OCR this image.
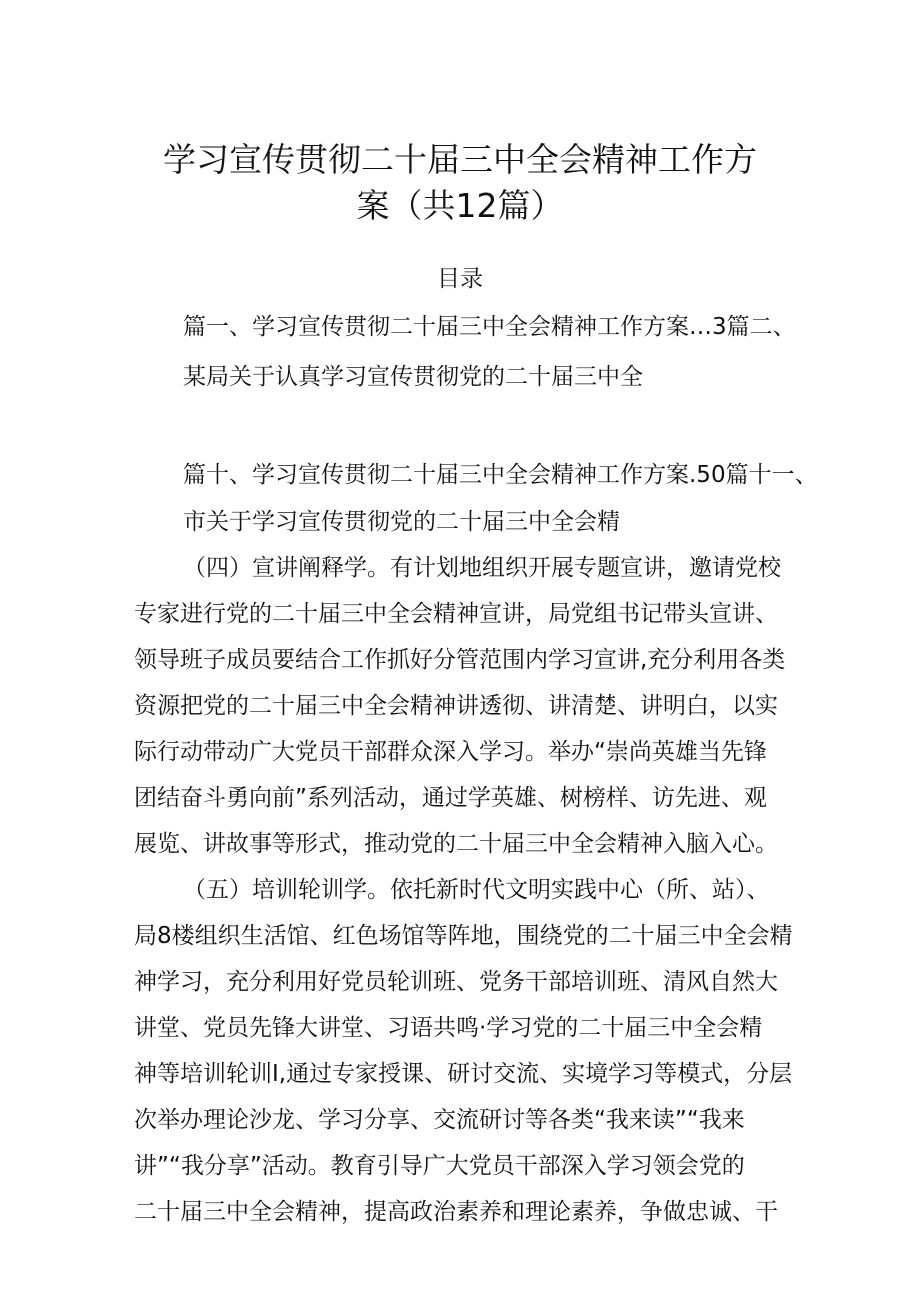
学习宣传贯彻二十届三中全会精神工作方
案（共12篇）
目录
篇一、学习宣传贯彻二十届三中全会精神工作方案…3篇二、
某局关于认真学习宣传贯彻党的二十届三中全
篇十、学习宣传贯彻二十届三中全会精神工作方案.50篇十一、
市关于学习宣传贯彻党的二十届三中全会精
（四）宣讲阐释学。有计划地组织开展专题宣讲，邀请党校
专家进行党的二十届三中全会精神宣讲，局党组书记带头宣讲、
领导班子成员要结合工作抓好分管范围内学习宣讲,充分利用各类
资源把党的二十届三中全会精神讲透彻、讲清楚、讲明白，以实
际行动带动广大党员干部群众深入学习。举办“崇尚英雄当先锋
团结奋斗勇向前”系列活动，通过学英雄、树榜样、访先进、观
展览、讲故事等形式，推动党的二十届三中全会精神入脑入心。
（五）培训轮训学。依托新时代文明实践中心（所、站）、
局8楼组织生活馆、红色场馆等阵地，围绕党的二十届三中全会精
神学习，充分利用好党员轮训班、党务干部培训班、清风自然大
讲堂、党员先锋大讲堂、习语共鸣·学习党的二十届三中全会精
神等培训轮训I,通过专家授课、研讨交流、实境学习等模式，分层
次举办理论沙龙、学习分享、交流研讨等各类“我来读”“我来
讲”“我分享”活动。教育引导广大党员干部深入学习领会党的
二十届三中全会精神，提高政治素养和理论素养，争做忠诚、干
